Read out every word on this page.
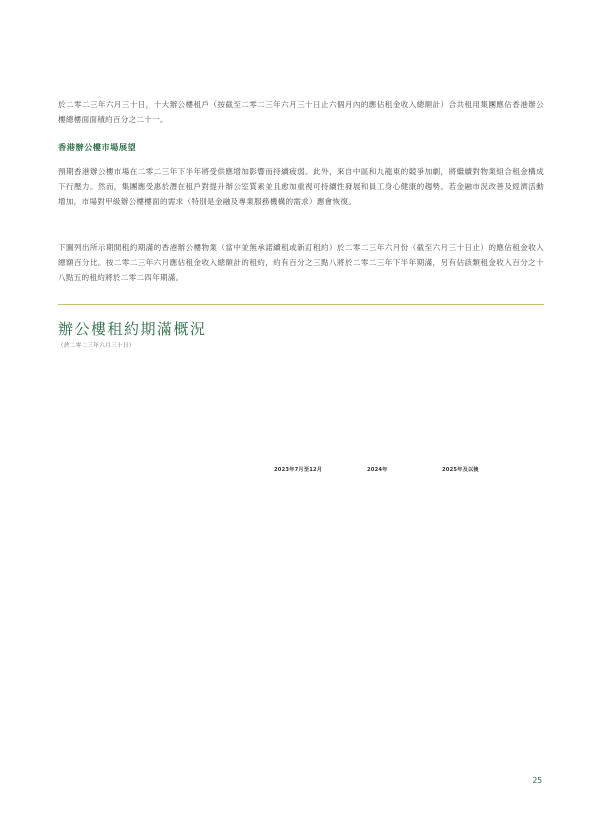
於二零二三年六月三十日，十大辦公樓租戶（按截至二零二三年六月三十日止六個月內的應佔租金收入總額計）合共租用集團應佔香港辦公樓總樓面面積約百分之二十一。

香港辦公樓市場展望

預期香港辦公樓市場在二零二三年下半年將受供應增加影響而持續疲弱。此外，來自中區和九龍東的競爭加劇，將繼續對物業組合租金構成下行壓力。然而，集團應受惠於潛在租戶對提升辦公室質素並且愈加重視可持續性發展和員工身心健康的趨勢。若金融市況改善及經濟活動增加，市場對甲級辦公樓樓面的需求（特別是金融及專業服務機構的需求）應會恢復。

下圖列出所示期間租約期滿的香港辦公樓物業（當中並無承諾續租或新訂租約）於二零二三年六月份（截至六月三十日止）的應佔租金收入總額百分比。按二零二三年六月應佔租金收入總額計的租約，約有百分之三點八將於二零二三年下半年期滿，另有佔該類租金收入百分之十八點五的租約將於二零二四年期滿。

辦公樓租約期滿概況
（於二零二三年六月三十日）
2023年7月至12月	2024年	2025年及以後
25
